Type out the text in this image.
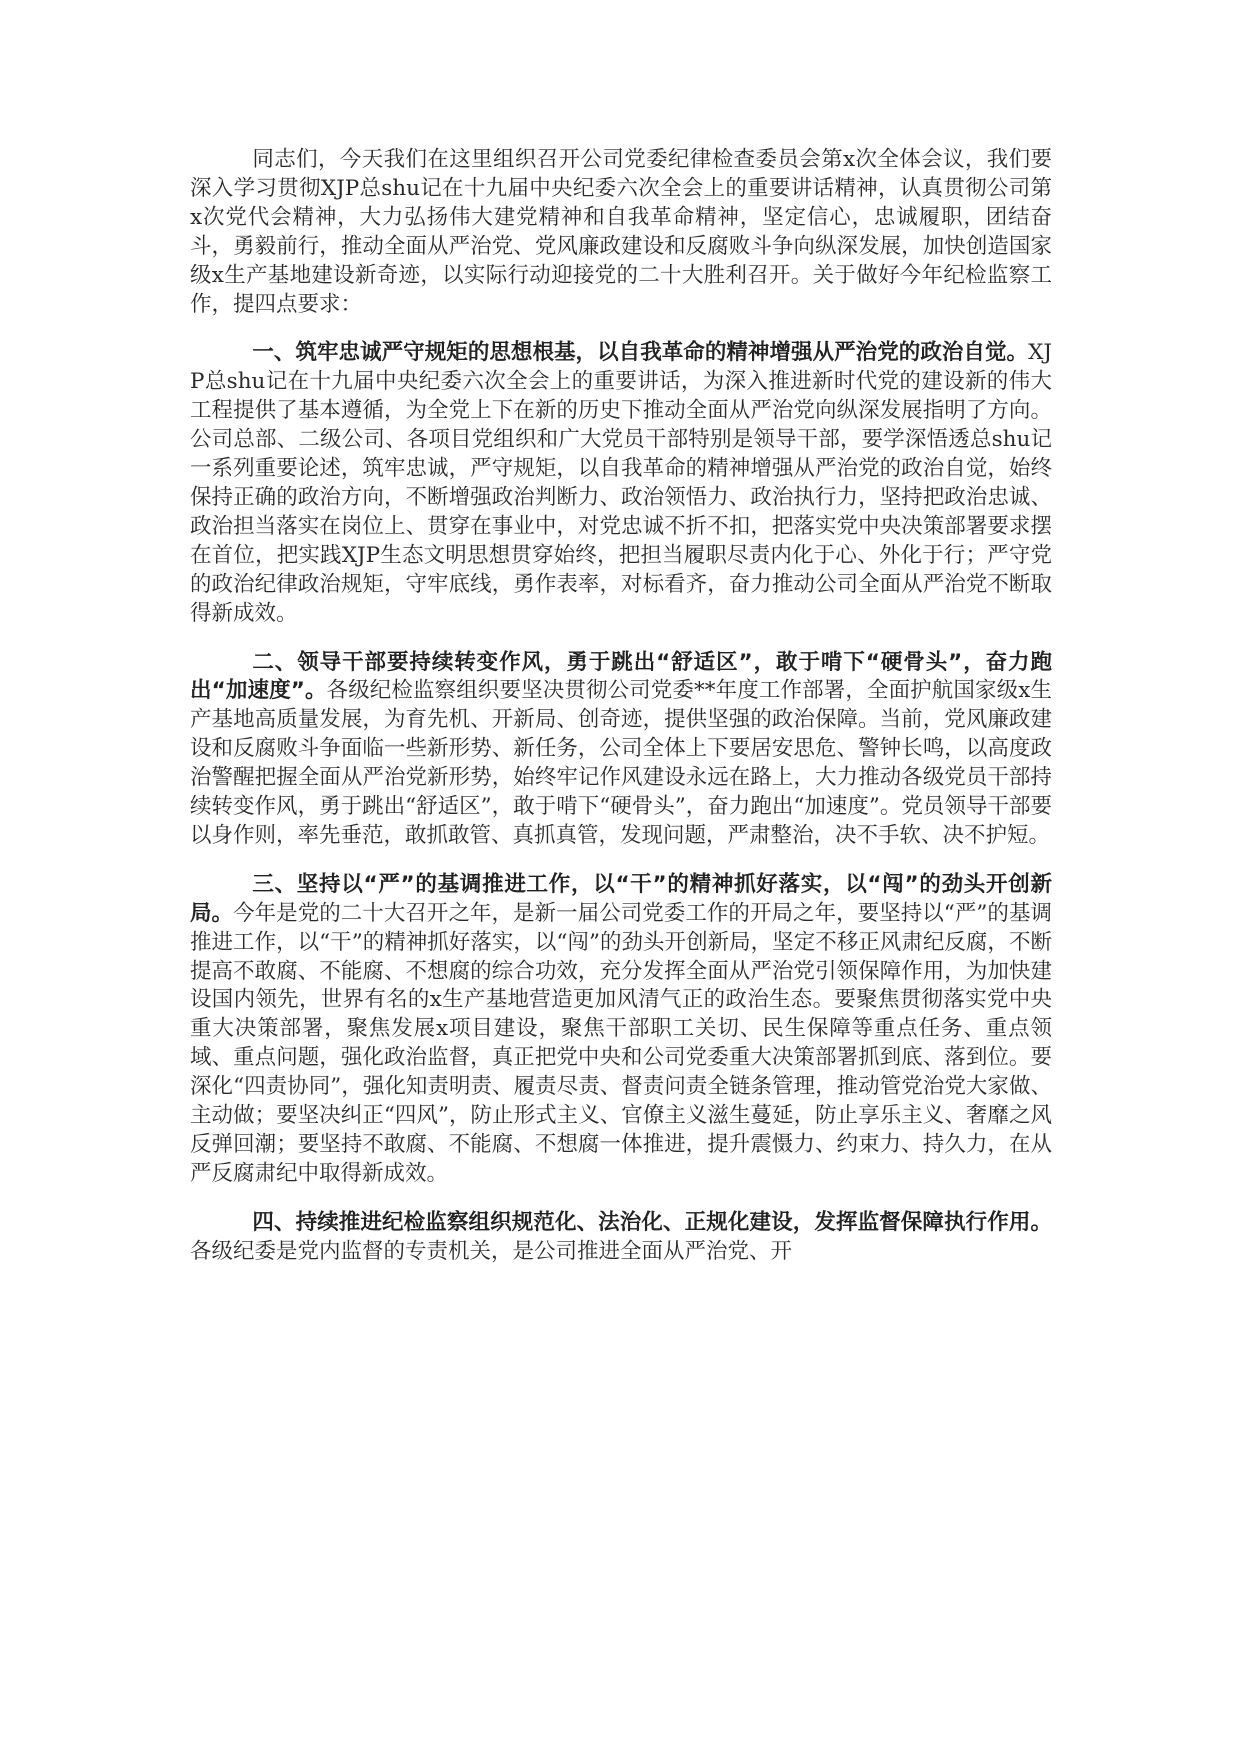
同志们，今天我们在这里组织召开公司党委纪律检查委员会第x次全体会议，我们要深入学习贯彻XJP总shu记在十九届中央纪委六次全会上的重要讲话精神，认真贯彻公司第x次党代会精神，大力弘扬伟大建党精神和自我革命精神，坚定信心，忠诚履职，团结奋斗，勇毅前行，推动全面从严治党、党风廉政建设和反腐败斗争向纵深发展，加快创造国家级x生产基地建设新奇迹，以实际行动迎接党的二十大胜利召开。关于做好今年纪检监察工作，提四点要求：

一、筑牢忠诚严守规矩的思想根基，以自我革命的精神增强从严治党的政治自觉。XJP总shu记在十九届中央纪委六次全会上的重要讲话，为深入推进新时代党的建设新的伟大工程提供了基本遵循，为全党上下在新的历史下推动全面从严治党向纵深发展指明了方向。公司总部、二级公司、各项目党组织和广大党员干部特别是领导干部，要学深悟透总shu记一系列重要论述，筑牢忠诚，严守规矩，以自我革命的精神增强从严治党的政治自觉，始终保持正确的政治方向，不断增强政治判断力、政治领悟力、政治执行力，坚持把政治忠诚、政治担当落实在岗位上、贯穿在事业中，对党忠诚不折不扣，把落实党中央决策部署要求摆在首位，把实践XJP生态文明思想贯穿始终，把担当履职尽责内化于心、外化于行；严守党的政治纪律政治规矩，守牢底线，勇作表率，对标看齐，奋力推动公司全面从严治党不断取得新成效。

二、领导干部要持续转变作风，勇于跳出“舒适区”，敢于啃下“硬骨头”，奋力跑出“加速度”。各级纪检监察组织要坚决贯彻公司党委**年度工作部署，全面护航国家级x生产基地高质量发展，为育先机、开新局、创奇迹，提供坚强的政治保障。当前，党风廉政建设和反腐败斗争面临一些新形势、新任务，公司全体上下要居安思危、警钟长鸣，以高度政治警醒把握全面从严治党新形势，始终牢记作风建设永远在路上，大力推动各级党员干部持续转变作风，勇于跳出“舒适区”，敢于啃下“硬骨头”，奋力跑出“加速度”。党员领导干部要以身作则，率先垂范，敢抓敢管、真抓真管，发现问题，严肃整治，决不手软、决不护短。

三、坚持以“严”的基调推进工作，以“干”的精神抓好落实，以“闯”的劲头开创新局。今年是党的二十大召开之年，是新一届公司党委工作的开局之年，要坚持以“严”的基调推进工作，以“干”的精神抓好落实，以“闯”的劲头开创新局，坚定不移正风肃纪反腐，不断提高不敢腐、不能腐、不想腐的综合功效，充分发挥全面从严治党引领保障作用，为加快建设国内领先，世界有名的x生产基地营造更加风清气正的政治生态。要聚焦贯彻落实党中央重大决策部署，聚焦发展x项目建设，聚焦干部职工关切、民生保障等重点任务、重点领域、重点问题，强化政治监督，真正把党中央和公司党委重大决策部署抓到底、落到位。要深化“四责协同”，强化知责明责、履责尽责、督责问责全链条管理，推动管党治党大家做、主动做；要坚决纠正“四风”，防止形式主义、官僚主义滋生蔓延，防止享乐主义、奢靡之风反弹回潮；要坚持不敢腐、不能腐、不想腐一体推进，提升震慑力、约束力、持久力，在从严反腐肃纪中取得新成效。

四、持续推进纪检监察组织规范化、法治化、正规化建设，发挥监督保障执行作用。各级纪委是党内监督的专责机关，是公司推进全面从严治党、开
